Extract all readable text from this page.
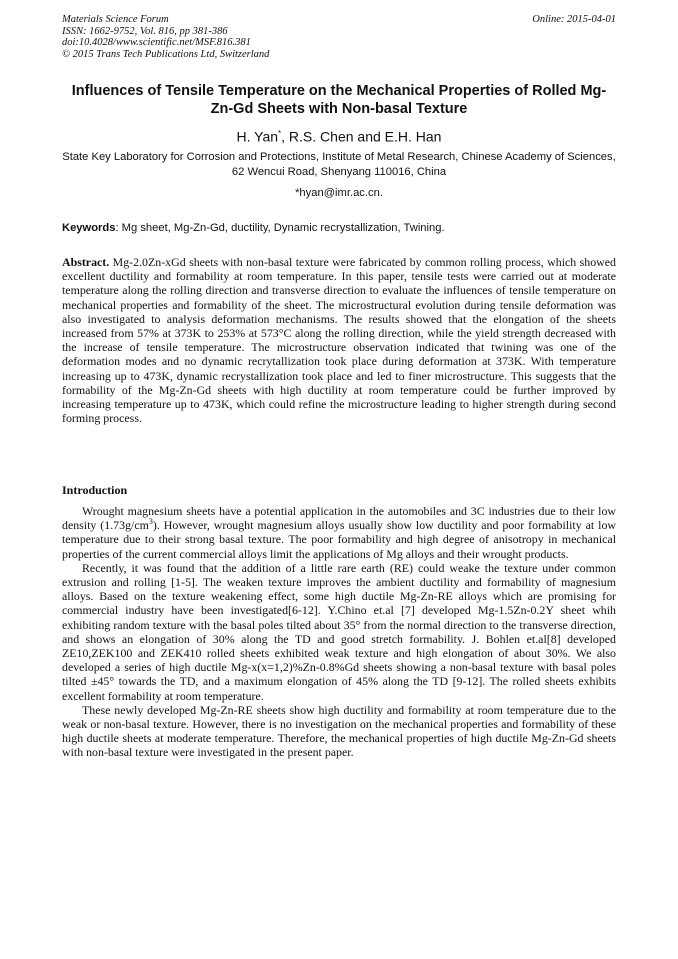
Materials Science Forum
ISSN: 1662-9752, Vol. 816, pp 381-386
doi:10.4028/www.scientific.net/MSF.816.381
© 2015 Trans Tech Publications Ltd, Switzerland
Online: 2015-04-01
Influences of Tensile Temperature on the Mechanical Properties of Rolled Mg-Zn-Gd Sheets with Non-basal Texture
H. Yan*, R.S. Chen and E.H. Han
State Key Laboratory for Corrosion and Protections, Institute of Metal Research, Chinese Academy of Sciences, 62 Wencui Road, Shenyang 110016, China
*hyan@imr.ac.cn.
Keywords: Mg sheet, Mg-Zn-Gd, ductility, Dynamic recrystallization, Twining.
Abstract. Mg-2.0Zn-xGd sheets with non-basal texture were fabricated by common rolling process, which showed excellent ductility and formability at room temperature. In this paper, tensile tests were carried out at moderate temperature along the rolling direction and transverse direction to evaluate the influences of tensile temperature on mechanical properties and formability of the sheet. The microstructural evolution during tensile deformation was also investigated to analysis deformation mechanisms. The results showed that the elongation of the sheets increased from 57% at 373K to 253% at 573°C along the rolling direction, while the yield strength decreased with the increase of tensile temperature. The microstructure observation indicated that twining was one of the deformation modes and no dynamic recrytallization took place during deformation at 373K. With temperature increasing up to 473K, dynamic recrystallization took place and led to finer microstructure. This suggests that the formability of the Mg-Zn-Gd sheets with high ductility at room temperature could be further improved by increasing temperature up to 473K, which could refine the microstructure leading to higher strength during second forming process.
Introduction

Wrought magnesium sheets have a potential application in the automobiles and 3C industries due to their low density $(1.73g/cm^3)$. However, wrought magnesium alloys usually show low ductility and poor formability at low temperature due to their strong basal texture. The poor formability and high degree of anisotropy in mechanical properties of the current commercial alloys limit the applications of Mg alloys and their wrought products.

Recently, it was found that the addition of a little rare earth (RE) could weake the texture under common extrusion and rolling [1-5]. The weaken texture improves the ambient ductility and formability of magnesium alloys. Based on the texture weakening effect, some high ductile Mg-Zn-RE alloys which are promising for commercial industry have been investigated[6-12]. Y.Chino et.al [7] developed Mg-1.5Zn-0.2Y sheet whih exhibiting random texture with the basal poles tilted about 35° from the normal direction to the transverse direction, and shows an elongation of 30% along the TD and good stretch formability. J. Bohlen et.al[8] developed ZE10,ZEK100 and ZEK410 rolled sheets exhibited weak texture and high elongation of about 30%. We also developed a series of high ductile Mg-x(x=1,2)%Zn-0.8%Gd sheets showing a non-basal texture with basal poles tilted ±45° towards the TD, and a maximum elongation of 45% along the TD [9-12]. The rolled sheets exhibits excellent formability at room temperature.

These newly developed Mg-Zn-RE sheets show high ductility and formability at room temperature due to the weak or non-basal texture. However, there is no investigation on the mechanical properties and formability of these high ductile sheets at moderate temperature. Therefore, the mechanical properties of high ductile Mg-Zn-Gd sheets with non-basal texture were investigated in the present paper.
